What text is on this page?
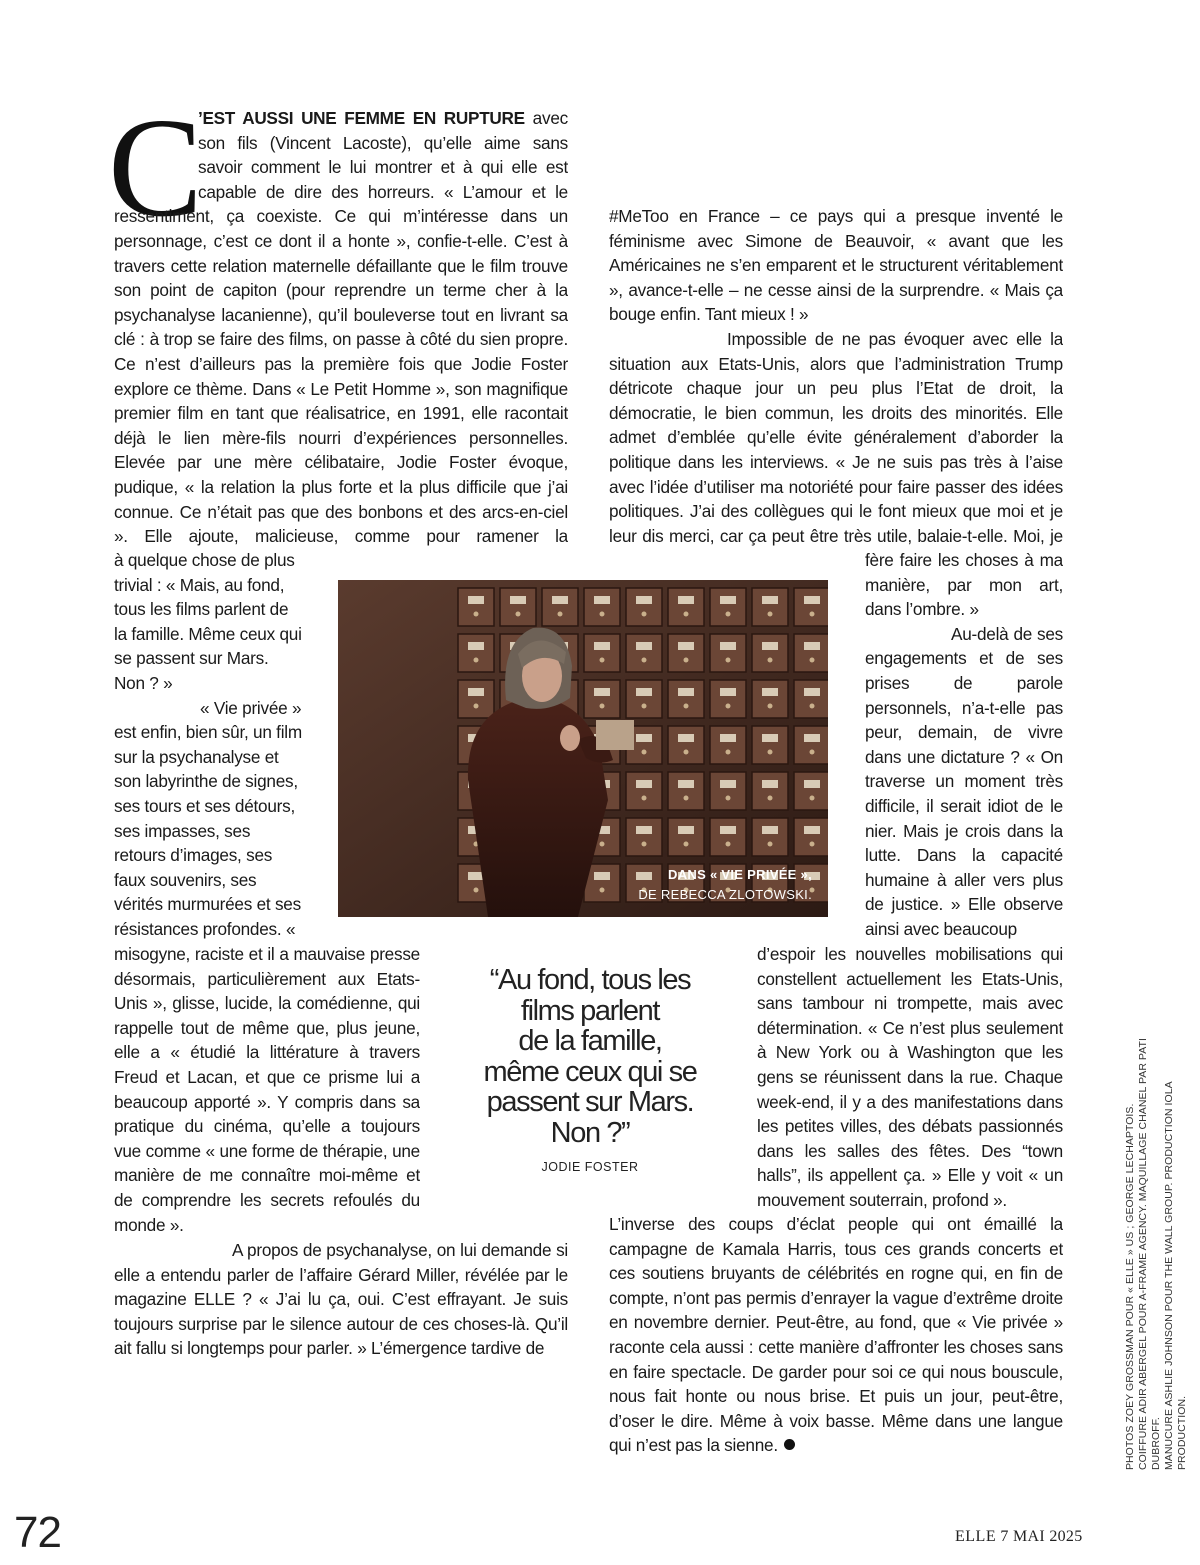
C

’EST AUSSI UNE FEMME EN RUPTURE avec son fils (Vincent Lacoste), qu’elle aime sans savoir comment le lui montrer et à qui elle est capable de dire des horreurs. « L’amour et le ressentiment, ça coexiste. Ce qui m’intéresse dans un personnage, c’est ce dont il a honte », confie-t-elle. C’est à travers cette relation maternelle défaillante que le film trouve son point de capiton (pour reprendre un terme cher à la psychanalyse lacanienne), qu’il bouleverse tout en livrant sa clé : à trop se faire des films, on passe à côté du sien propre. Ce n’est d’ailleurs pas la première fois que Jodie Foster explore ce thème. Dans « Le Petit Homme », son magnifique premier film en tant que réalisatrice, en 1991, elle racontait déjà le lien mère-fils nourri d’expériences personnelles. Elevée par une mère célibataire, Jodie Foster évoque, pudique, « la relation la plus forte et la plus difficile que j’ai connue. Ce n’était pas que des bonbons et des arcs-en-ciel ». Elle ajoute, malicieuse, comme pour ramener la

à quelque chose de plus trivial : « Mais, au fond, tous les films parlent de la famille. Même ceux qui se passent sur Mars. Non ? »

« Vie privée » est enfin, bien sûr, un film sur la psychanalyse et son labyrinthe de signes, ses tours et ses détours, ses impasses, ses retours d’images, ses faux souvenirs, ses vérités murmurées et ses résistances profondes. «

misogyne, raciste et il a mauvaise presse désormais, particulièrement aux Etats-Unis », glisse, lucide, la comédienne, qui rappelle tout de même que, plus jeune, elle a « étudié la littérature à travers Freud et Lacan, et que ce prisme lui a beaucoup apporté ». Y compris dans sa pratique du cinéma, qu’elle a toujours vue comme « une forme de thérapie, une manière de me connaître moi-même et de comprendre les secrets refoulés du monde ».

A propos de psychanalyse, on lui demande si elle a entendu parler de l’affaire Gérard Miller, révélée par le magazine ELLE ? « J’ai lu ça, oui. C’est effrayant. Je suis toujours surprise par le silence autour de ces choses-là. Qu’il ait fallu si longtemps pour parler. » L’émergence tardive de

#MeToo en France – ce pays qui a presque inventé le féminisme avec Simone de Beauvoir, « avant que les Américaines ne s’en emparent et le structurent véritablement », avance-t-elle – ne cesse ainsi de la surprendre. « Mais ça bouge enfin. Tant mieux ! »

Impossible de ne pas évoquer avec elle la situation aux Etats-Unis, alors que l’administration Trump détricote chaque jour un peu plus l’Etat de droit, la démocratie, le bien commun, les droits des minorités. Elle admet d’emblée qu’elle évite généralement d’aborder la politique dans les interviews. « Je ne suis pas très à l’aise avec l’idée d’utiliser ma notoriété pour faire passer des idées politiques. J’ai des collègues qui le font mieux que moi et je leur dis merci, car ça peut être très utile, balaie-t-elle. Moi, je

fère faire les choses à ma manière, par mon art, dans l’ombre. »

Au-delà de ses engagements et de ses prises de parole personnels, n’a-t-elle pas peur, demain, de vivre dans une dictature ? « On traverse un moment très difficile, il serait idiot de le nier. Mais je crois dans la lutte. Dans la capacité humaine à aller vers plus de justice. » Elle observe ainsi avec beaucoup

d’espoir les nouvelles mobilisations qui constellent actuellement les Etats-Unis, sans tambour ni trompette, mais avec détermination. « Ce n’est plus seulement à New York ou à Washington que les gens se réunissent dans la rue. Chaque week-end, il y a des manifestations dans les petites villes, des débats passionnés dans les salles des fêtes. Des “town halls”, ils appellent ça. » Elle y voit « un mouvement souterrain, profond ».

L’inverse des coups d’éclat people qui ont émaillé la campagne de Kamala Harris, tous ces grands concerts et ces soutiens bruyants de célébrités en rogne qui, en fin de compte, n’ont pas permis d’enrayer la vague d’extrême droite en novembre dernier. Peut-être, au fond, que « Vie privée » raconte cela aussi : cette manière d’affronter les choses sans en faire spectacle. De garder pour soi ce qui nous bouscule, nous fait honte ou nous brise. Et puis un jour, peut-être, d’oser le dire. Même à voix basse. Même dans une langue qui n’est pas la sienne.

DANS « VIE PRIVÉE »,
DE REBECCA ZLOTOWSKI.
“Au fond, tous les
films parlent
de la famille,
même ceux qui se
passent sur Mars.
Non ?”
JODIE FOSTER	PHOTOS ZOEY GROSSMAN POUR « ELLE » US ; GEORGE LECHAPTOIS. COIFFURE ADIR ABERGEL POUR A-FRAME AGENCY. MAQUILLAGE CHANEL PAR PATI DUBROFF. MANUCURE ASHLIE JOHNSON POUR THE WALL GROUP. PRODUCTION IOLA PRODUCTION.
72	ELLE 7 MAI 2025
